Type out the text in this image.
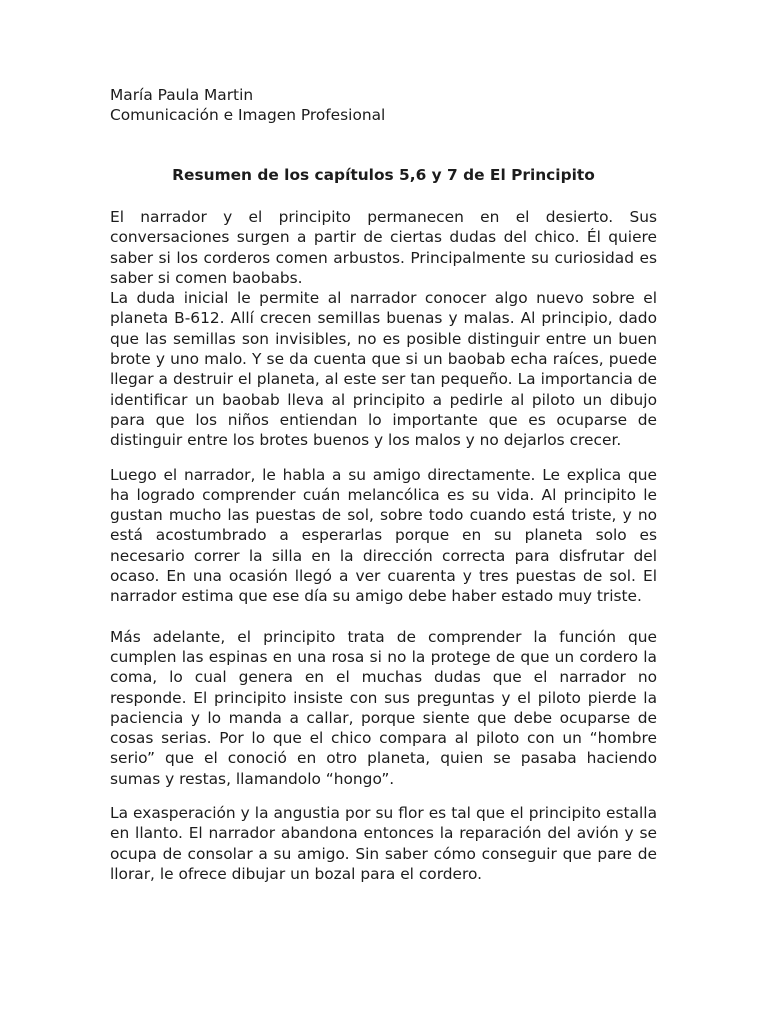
María Paula Martin
Comunicación e Imagen Profesional
Resumen de los capítulos 5,6 y 7 de El Principito

El narrador y el principito permanecen en el desierto. Sus conversaciones surgen a partir de ciertas dudas del chico. Él quiere saber si los corderos comen arbustos. Principalmente su curiosidad es saber si comen baobabs.

La duda inicial le permite al narrador conocer algo nuevo sobre el planeta B-612. Allí crecen semillas buenas y malas. Al principio, dado que las semillas son invisibles, no es posible distinguir entre un buen brote y uno malo. Y se da cuenta que si un baobab echa raíces, puede llegar a destruir el planeta, al este ser tan pequeño. La importancia de identificar un baobab lleva al principito a pedirle al piloto un dibujo para que los niños entiendan lo importante que es ocuparse de distinguir entre los brotes buenos y los malos y no dejarlos crecer.

Luego el narrador, le habla a su amigo directamente. Le explica que ha logrado comprender cuán melancólica es su vida. Al principito le gustan mucho las puestas de sol, sobre todo cuando está triste, y no está acostumbrado a esperarlas porque en su planeta solo es necesario correr la silla en la dirección correcta para disfrutar del ocaso. En una ocasión llegó a ver cuarenta y tres puestas de sol. El narrador estima que ese día su amigo debe haber estado muy triste.

Más adelante, el principito trata de comprender la función que cumplen las espinas en una rosa si no la protege de que un cordero la coma, lo cual genera en el muchas dudas que el narrador no responde. El principito insiste con sus preguntas y el piloto pierde la paciencia y lo manda a callar, porque siente que debe ocuparse de cosas serias. Por lo que el chico compara al piloto con un “hombre serio” que el conoció en otro planeta, quien se pasaba haciendo sumas y restas, llamandolo “hongo”.

La exasperación y la angustia por su flor es tal que el principito estalla en llanto. El narrador abandona entonces la reparación del avión y se ocupa de consolar a su amigo. Sin saber cómo conseguir que pare de llorar, le ofrece dibujar un bozal para el cordero.
